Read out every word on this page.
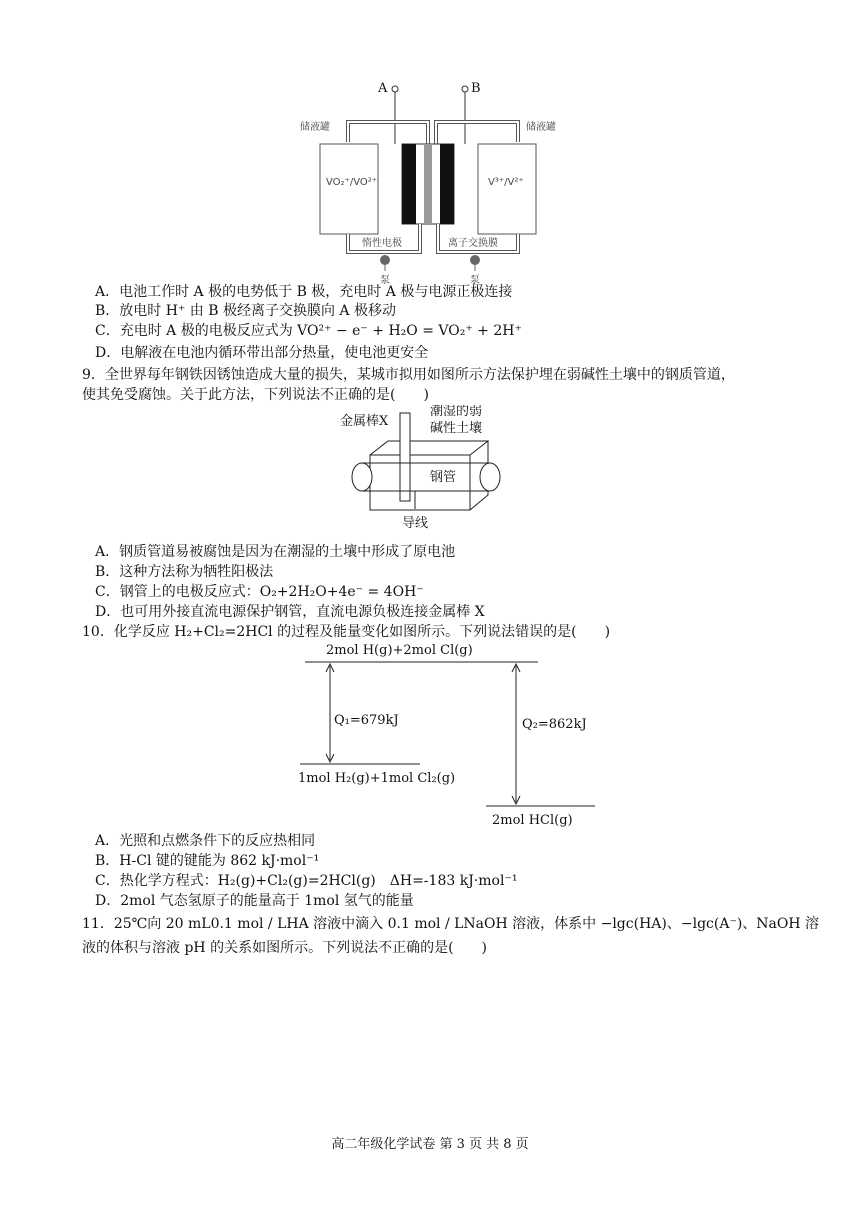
A	B
储液罐	储液罐
VO₂⁺/VO²⁺	V³⁺/V²⁺
惰性电极	离子交换膜
泵	泵
A．电池工作时 A 极的电势低于 B 极，充电时 A 极与电源正极连接
B．放电时 H⁺ 由 B 极经离子交换膜向 A 极移动
C．充电时 A 极的电极反应式为 VO²⁺ − e⁻ + H₂O = VO₂⁺ + 2H⁺
D．电解液在电池内循环带出部分热量，使电池更安全
9．全世界每年钢铁因锈蚀造成大量的损失，某城市拟用如图所示方法保护埋在弱碱性土壤中的钢质管道，
使其免受腐蚀。关于此方法，下列说法不正确的是(　　)
金属棒X
潮湿的弱
碱性土壤
钢管
导线
A．钢质管道易被腐蚀是因为在潮湿的土壤中形成了原电池
B．这种方法称为牺牲阳极法
C．钢管上的电极反应式：O₂+2H₂O+4e⁻ = 4OH⁻
D．也可用外接直流电源保护钢管，直流电源负极连接金属棒 X
10．化学反应 H₂+Cl₂=2HCl 的过程及能量变化如图所示。下列说法错误的是(　　)
2mol H(g)+2mol Cl(g)
Q₁=679kJ
1mol H₂(g)+1mol Cl₂(g)
Q₂=862kJ
2mol HCl(g)
A．光照和点燃条件下的反应热相同
B．H-Cl 键的键能为 862 kJ·mol⁻¹
C．热化学方程式：H₂(g)+Cl₂(g)=2HCl(g)　ΔH=-183 kJ·mol⁻¹
D．2mol 气态氢原子的能量高于 1mol 氢气的能量
11．25℃向 20 mL0.1 mol / LHA 溶液中滴入 0.1 mol / LNaOH 溶液，体系中 −lgc(HA)、−lgc(A⁻)、NaOH 溶
液的体积与溶液 pH 的关系如图所示。下列说法不正确的是(　　)
高二年级化学试卷 第 3 页 共 8 页
